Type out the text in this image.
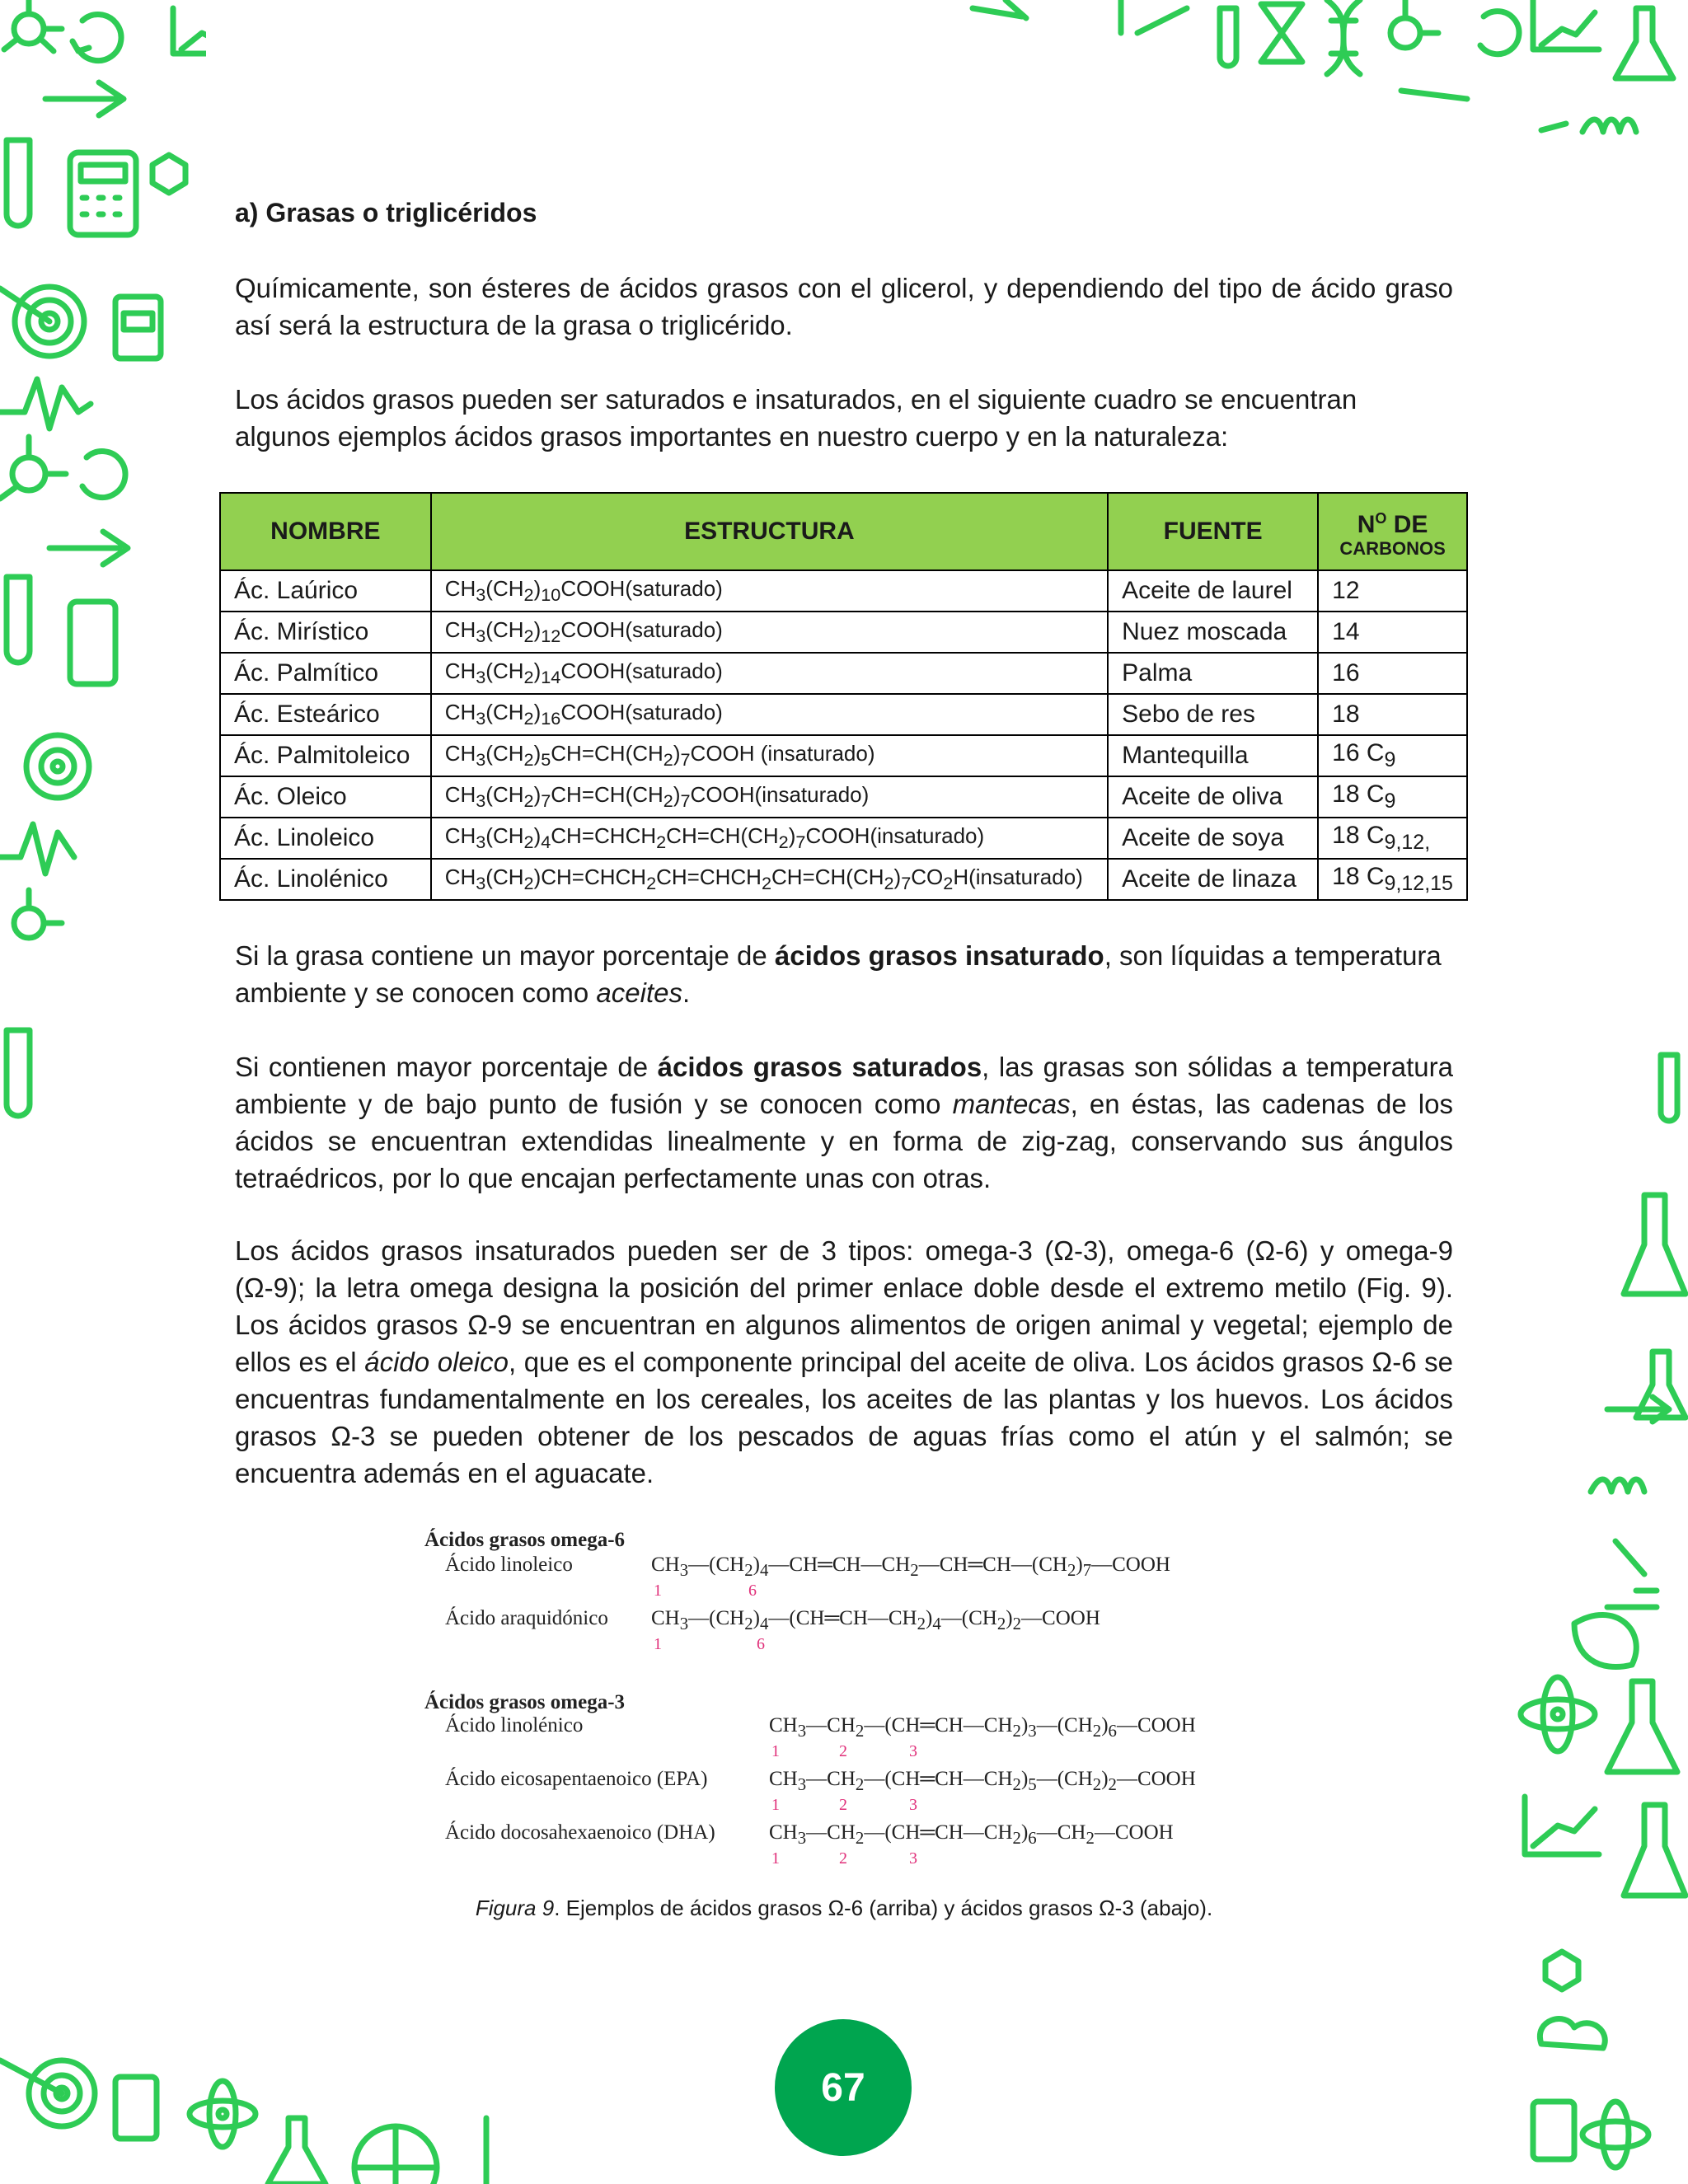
a) Grasas o triglicéridos

Químicamente, son ésteres de ácidos grasos con el glicerol, y dependiendo del tipo de ácido graso así será la estructura de la grasa o triglicérido.

Los ácidos grasos pueden ser saturados e insaturados, en el siguiente cuadro se encuentran algunos ejemplos ácidos grasos importantes en nuestro cuerpo y en la naturaleza:

NOMBRE	ESTRUCTURA	FUENTE	$N^O$ DE
CARBONOS

Ác. Laúrico	$CH_3(CH_2)_{10}COOH(saturado)$	Aceite de laurel	12
Ác. Mirístico	$CH_3(CH_2)_{12}COOH(saturado)$	Nuez moscada	14
Ác. Palmítico	$CH_3(CH_2)_{14}COOH(saturado)$	Palma	16
Ác. Esteárico	$CH_3(CH_2)_{16}COOH(saturado)$	Sebo de res	18
Ác. Palmitoleico	$CH_3(CH_2)_5CH=CH(CH_2)_7COOH$ (insaturado)	Mantequilla	16 $C_9$
Ác. Oleico	$CH_3(CH_2)_7CH=CH(CH_2)_7COOH(insaturado)$	Aceite de oliva	18 $C_9$
Ác. Linoleico	$CH_3(CH_2)_4CH=CHCH_2CH=CH(CH_2)_7COOH(insaturado)$	Aceite de soya	18 $C_{9,12,}$
Ác. Linolénico	$CH_3(CH_2)CH=CHCH_2CH=CHCH_2CH=CH(CH_2)_7CO_2H(insaturado)$	Aceite de linaza	18 $C_{9,12,15}$

Si la grasa contiene un mayor porcentaje de ácidos grasos insaturado, son líquidas a temperatura ambiente y se conocen como aceites.

Si contienen mayor porcentaje de ácidos grasos saturados, las grasas son sólidas a temperatura ambiente y de bajo punto de fusión y se conocen como mantecas, en éstas, las cadenas de los ácidos se encuentran extendidas linealmente y en forma de zig-zag, conservando sus ángulos tetraédricos, por lo que encajan perfectamente unas con otras.

Los ácidos grasos insaturados pueden ser de 3 tipos: omega-3 (Ω-3), omega-6 (Ω-6) y omega-9 (Ω-9); la letra omega designa la posición del primer enlace doble desde el extremo metilo (Fig. 9). Los ácidos grasos Ω-9 se encuentran en algunos alimentos de origen animal y vegetal; ejemplo de ellos es el ácido oleico, que es el componente principal del aceite de oliva. Los ácidos grasos Ω-6 se encuentras fundamentalmente en los cereales, los aceites de las plantas y los huevos. Los ácidos grasos Ω-3 se pueden obtener de los pescados de aguas frías como el atún y el salmón; se encuentra además en el aguacate.

Ácidos grasos omega-6
Ácido linoleico	$CH_3—(CH_2)_4—CH═CH—CH_2—CH═CH—(CH_2)_7—COOH$
1	6
Ácido araquidónico $CH_3—(CH_2)_4—(CH═CH—CH_2)_4—(CH_2)_2—COOH$
1	6
Ácido linolénico	$CH_3—CH_2—(CH═CH—CH_2)_3—(CH_2)_6—COOH$
1	2	3
Ácido eicosapentaenoico (EPA)	$CH_3—CH_2—(CH═CH—CH_2)_5—(CH_2)_2—COOH$
1	2	3
Ácido docosahexaenoico (DHA)	$CH_3—CH_2—(CH═CH—CH_2)_6—CH_2—COOH$
1	2	3
Ácidos grasos omega-3
Figura 9. Ejemplos de ácidos grasos Ω-6 (arriba) y ácidos grasos Ω-3 (abajo).
67
